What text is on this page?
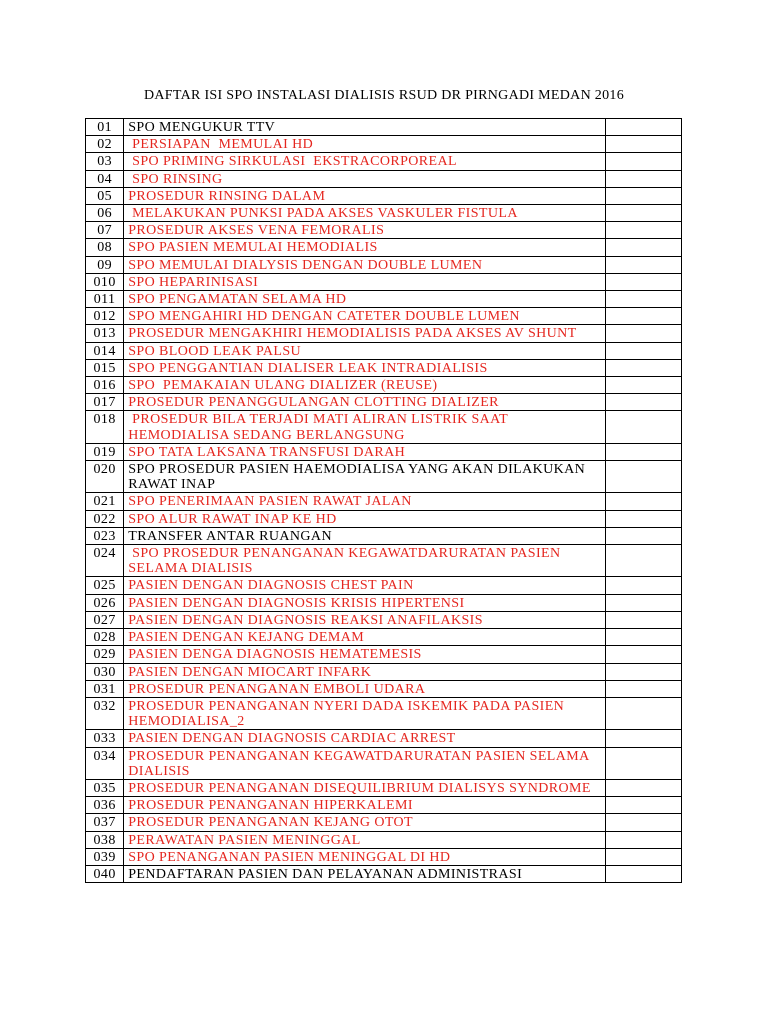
DAFTAR ISI SPO INSTALASI DIALISIS RSUD DR PIRNGADI MEDAN 2016
01	SPO MENGUKUR TTV	
02	PERSIAPAN  MEMULAI HD	
03	SPO PRIMING SIRKULASI  EKSTRACORPOREAL	
04	SPO RINSING	
05	PROSEDUR RINSING DALAM	
06	MELAKUKAN PUNKSI PADA AKSES VASKULER FISTULA	
07	PROSEDUR AKSES VENA FEMORALIS	
08	SPO PASIEN MEMULAI HEMODIALIS	
09	SPO MEMULAI DIALYSIS DENGAN DOUBLE LUMEN	
010	SPO HEPARINISASI	
011	SPO PENGAMATAN SELAMA HD	
012	SPO MENGAHIRI HD DENGAN CATETER DOUBLE LUMEN	
013	PROSEDUR MENGAKHIRI HEMODIALISIS PADA AKSES AV SHUNT	
014	SPO BLOOD LEAK PALSU	
015	SPO PENGGANTIAN DIALISER LEAK INTRADIALISIS	
016	SPO  PEMAKAIAN ULANG DIALIZER (REUSE)	
017	PROSEDUR PENANGGULANGAN CLOTTING DIALIZER	
018	PROSEDUR BILA TERJADI MATI ALIRAN LISTRIK SAAT HEMODIALISA SEDANG BERLANGSUNG	
019	SPO TATA LAKSANA TRANSFUSI DARAH	
020	SPO PROSEDUR PASIEN HAEMODIALISA YANG AKAN DILAKUKAN RAWAT INAP	
021	SPO PENERIMAAN PASIEN RAWAT JALAN	
022	SPO ALUR RAWAT INAP KE HD	
023	TRANSFER ANTAR RUANGAN	
024	SPO PROSEDUR PENANGANAN KEGAWATDARURATAN PASIEN SELAMA DIALISIS	
025	PASIEN DENGAN DIAGNOSIS CHEST PAIN	
026	PASIEN DENGAN DIAGNOSIS KRISIS HIPERTENSI	
027	PASIEN DENGAN DIAGNOSIS REAKSI ANAFILAKSIS	
028	PASIEN DENGAN KEJANG DEMAM	
029	PASIEN DENGA DIAGNOSIS HEMATEMESIS	
030	PASIEN DENGAN MIOCART INFARK	
031	PROSEDUR PENANGANAN EMBOLI UDARA	
032	PROSEDUR PENANGANAN NYERI DADA ISKEMIK PADA PASIEN HEMODIALISA_2	
033	PASIEN DENGAN DIAGNOSIS CARDIAC ARREST	
034	PROSEDUR PENANGANAN KEGAWATDARURATAN PASIEN SELAMA DIALISIS	
035	PROSEDUR PENANGANAN DISEQUILIBRIUM DIALISYS SYNDROME	
036	PROSEDUR PENANGANAN HIPERKALEMI	
037	PROSEDUR PENANGANAN KEJANG OTOT	
038	PERAWATAN PASIEN MENINGGAL	
039	SPO PENANGANAN PASIEN MENINGGAL DI HD	
040	PENDAFTARAN PASIEN DAN PELAYANAN ADMINISTRASI	
